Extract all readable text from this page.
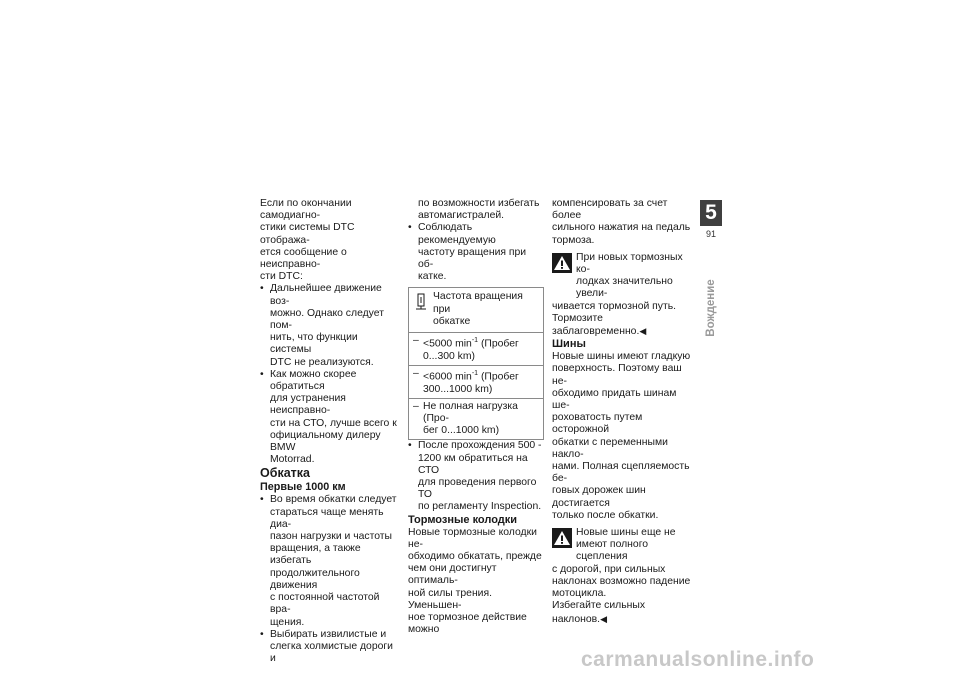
Если по окончании самодиагно-
стики системы DTC отобража-
ется сообщение о неисправно-
сти DTC:

• Дальнейшее движение воз-
можно. Однако следует пом-
нить, что функции системы
DTC не реализуются.

• Как можно скорее обратиться
для устранения неисправно-
сти на СТО, лучше всего к
официальному дилеру BMW
Motorrad.

Обкатка

Первые 1000 км

• Во время обкатки следует
стараться чаще менять диа-
пазон нагрузки и частоты
вращения, а также избегать
продолжительного движения
с постоянной частотой вра-
щения.

• Выбирать извилистые и
слегка холмистые дороги и

по возможности избегать
автомагистралей.

• Соблюдать рекомендуемую
частоту вращения при об-
катке.

Частота вращения при
обкатке
– <5000 $\min^{-1}$ (Пробег
0...300 km)
– <6000 $\min^{-1}$ (Пробег
300...1000 km)
– Не полная нагрузка (Про-
бег 0...1000 km)

• После прохождения 500 -
1200 км обратиться на СТО
для проведения первого ТО
по регламенту Inspection.

Тормозные колодки

Новые тормозные колодки не-
обходимо обкатать, прежде
чем они достигнут оптималь-
ной силы трения. Уменьшен-
ное тормозное действие можно

компенсировать за счет более
сильного нажатия на педаль
тормоза.

При новых тормозных ко-
лодках значительно увели-
чивается тормозной путь.
Тормозите заблаговременно.◀

Шины

Новые шины имеют гладкую
поверхность. Поэтому ваш не-
обходимо придать шинам ше-
роховатость путем осторожной
обкатки с переменными накло-
нами. Полная сцепляемость бе-
говых дорожек шин достигается
только после обкатки.

Новые шины еще не
имеют полного сцепления
с дорогой, при сильных
наклонах возможно падение
мотоцикла.
Избегайте сильных наклонов.◀
5
91
Вождение
carmanualsonline.info
